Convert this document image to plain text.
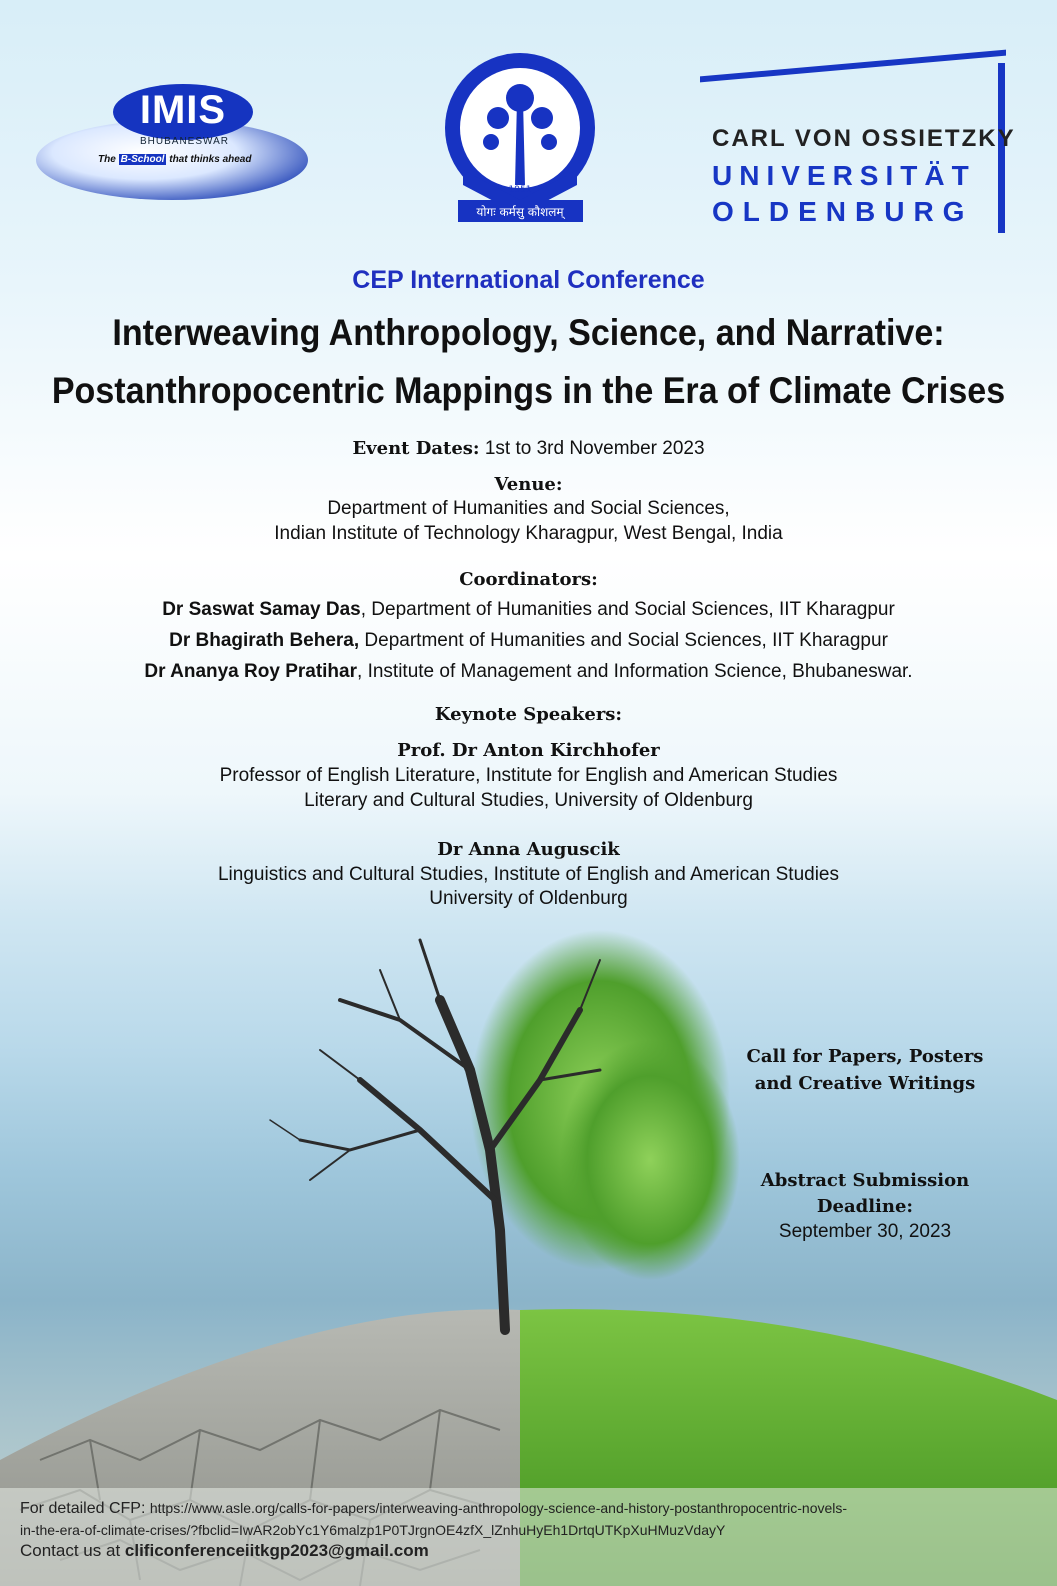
IMIS
BHUBANESWAR
The B-School that thinks ahead
योगः कर्मसु कौशलम्
1951
CARL VON OSSIETZKY
UNIVERSITÄT
OLDENBURG
CEP International Conference
Interweaving Anthropology, Science, and Narrative:
Postanthropocentric Mappings in the Era of Climate Crises
Event Dates: 1st to 3rd November 2023
Venue:
Department of Humanities and Social Sciences,
Indian Institute of Technology Kharagpur, West Bengal, India
Coordinators:
Dr Saswat Samay Das, Department of Humanities and Social Sciences, IIT Kharagpur
Dr Bhagirath Behera, Department of Humanities and Social Sciences, IIT Kharagpur
Dr Ananya Roy Pratihar, Institute of Management and Information Science, Bhubaneswar.
Keynote Speakers:
Prof. Dr Anton Kirchhofer
Professor of English Literature, Institute for English and American Studies
Literary and Cultural Studies, University of Oldenburg
Dr Anna Auguscik
Linguistics and Cultural Studies, Institute of English and American Studies
University of Oldenburg
Call for Papers, Posters
and Creative Writings
Abstract Submission
Deadline:
September 30, 2023
For detailed CFP: https://www.asle.org/calls-for-papers/interweaving-anthropology-science-and-history-postanthropocentric-novels-
in-the-era-of-climate-crises/?fbclid=IwAR2obYc1Y6malzp1P0TJrgnOE4zfX_lZnhuHyEh1DrtqUTKpXuHMuzVdayY
Contact us at clificonferenceiitkgp2023@gmail.com
